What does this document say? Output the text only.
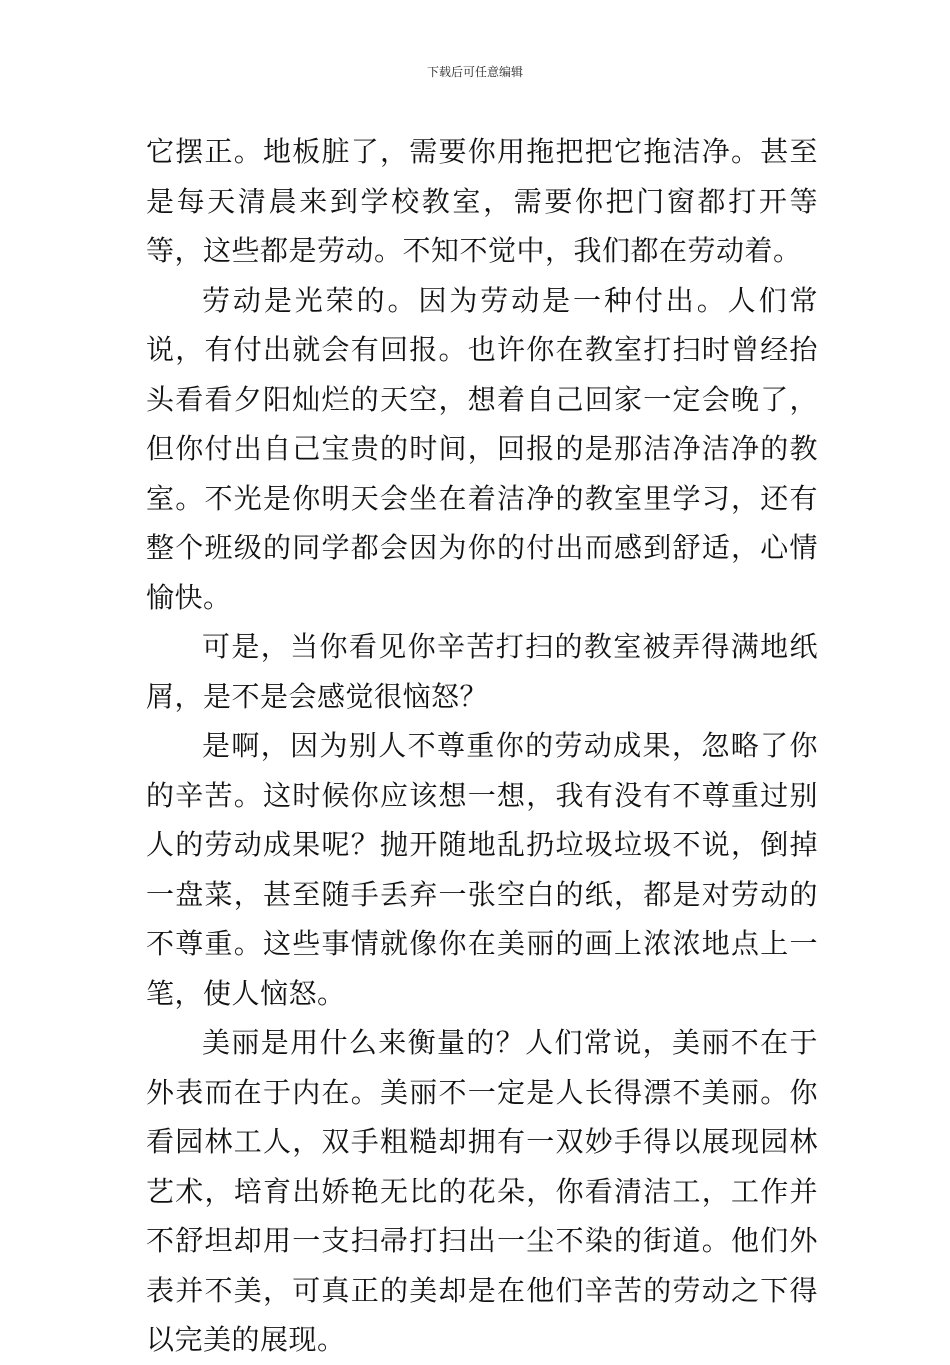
下载后可任意编辑

它摆正。地板脏了，需要你用拖把把它拖洁净。甚至是每天清晨来到学校教室，需要你把门窗都打开等等，这些都是劳动。不知不觉中，我们都在劳动着。

劳动是光荣的。因为劳动是一种付出。人们常说，有付出就会有回报。也许你在教室打扫时曾经抬头看看夕阳灿烂的天空，想着自己回家一定会晚了，但你付出自己宝贵的时间，回报的是那洁净洁净的教室。不光是你明天会坐在着洁净的教室里学习，还有整个班级的同学都会因为你的付出而感到舒适，心情愉快。

可是，当你看见你辛苦打扫的教室被弄得满地纸屑，是不是会感觉很恼怒？

是啊，因为别人不尊重你的劳动成果，忽略了你的辛苦。这时候你应该想一想，我有没有不尊重过别人的劳动成果呢？抛开随地乱扔垃圾垃圾不说，倒掉一盘菜，甚至随手丢弃一张空白的纸，都是对劳动的不尊重。这些事情就像你在美丽的画上浓浓地点上一笔，使人恼怒。

美丽是用什么来衡量的？人们常说，美丽不在于外表而在于内在。美丽不一定是人长得漂不美丽。你看园林工人，双手粗糙却拥有一双妙手得以展现园林艺术，培育出娇艳无比的花朵，你看清洁工，工作并不舒坦却用一支扫帚打扫出一尘不染的街道。他们外表并不美，可真正的美却是在他们辛苦的劳动之下得以完美的展现。
